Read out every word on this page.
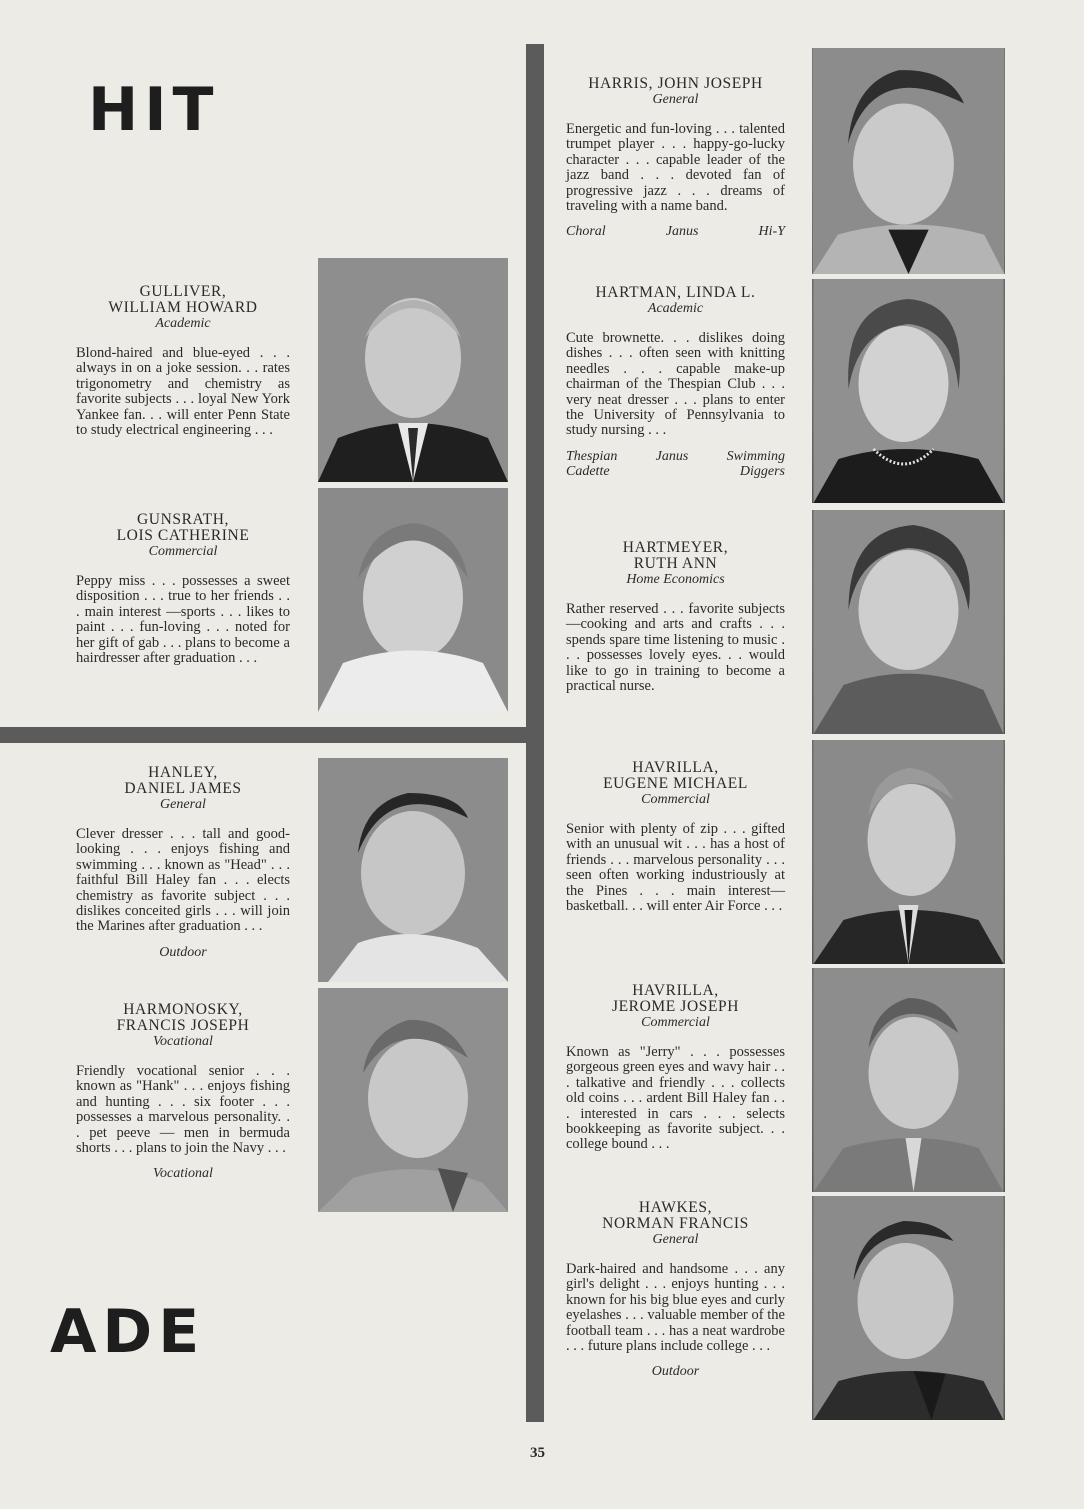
HIT
ADE

GULLIVER,
WILLIAM HOWARD

Academic

Blond-haired and blue-eyed . . . always in on a joke session. . . rates trigonometry and chemistry as favorite subjects . . . loyal New York Yankee fan. . . will enter Penn State to study electrical engineering . . .

GUNSRATH,
LOIS CATHERINE

Commercial

Peppy miss . . . possesses a sweet disposition . . . true to her friends . . . main interest —sports . . . likes to paint . . . fun-loving . . . noted for her gift of gab . . . plans to become a hairdresser after graduation . . .

HANLEY,
DANIEL JAMES

General

Clever dresser . . . tall and good-looking . . . enjoys fishing and swimming . . . known as "Head" . . . faithful Bill Haley fan . . . elects chemistry as favorite subject . . . dislikes conceited girls . . . will join the Marines after graduation . . .

Outdoor

HARMONOSKY,
FRANCIS JOSEPH

Vocational

Friendly vocational senior . . . known as "Hank" . . . enjoys fishing and hunting . . . six footer . . . possesses a marvelous personality. . . pet peeve — men in bermuda shorts . . . plans to join the Navy . . .

Vocational

HARRIS, JOHN JOSEPH

General

Energetic and fun-loving . . . talented trumpet player . . . happy-go-lucky character . . . capable leader of the jazz band . . . devoted fan of progressive jazz . . . dreams of traveling with a name band.

Choral	Janus	Hi-Y

HARTMAN, LINDA L.

Academic

Cute brownette. . . dislikes doing dishes . . . often seen with knitting needles . . . capable make-up chairman of the Thespian Club . . . very neat dresser . . . plans to enter the University of Pennsylvania to study nursing . . .

Thespian	Janus	Swimming
Cadette	Diggers

HARTMEYER,
RUTH ANN

Home Economics

Rather reserved . . . favorite subjects—cooking and arts and crafts . . . spends spare time listening to music . . . possesses lovely eyes. . . would like to go in training to become a practical nurse.

HAVRILLA,
EUGENE MICHAEL

Commercial

Senior with plenty of zip . . . gifted with an unusual wit . . . has a host of friends . . . marvelous personality . . . seen often working industriously at the Pines . . . main interest—basketball. . . will enter Air Force . . .

HAVRILLA,
JEROME JOSEPH

Commercial

Known as "Jerry" . . . possesses gorgeous green eyes and wavy hair . . . talkative and friendly . . . collects old coins . . . ardent Bill Haley fan . . . interested in cars . . . selects bookkeeping as favorite subject. . . college bound . . .

HAWKES,
NORMAN FRANCIS

General

Dark-haired and handsome . . . any girl's delight . . . enjoys hunting . . . known for his big blue eyes and curly eyelashes . . . valuable member of the football team . . . has a neat wardrobe . . . future plans include college . . .

Outdoor

35
